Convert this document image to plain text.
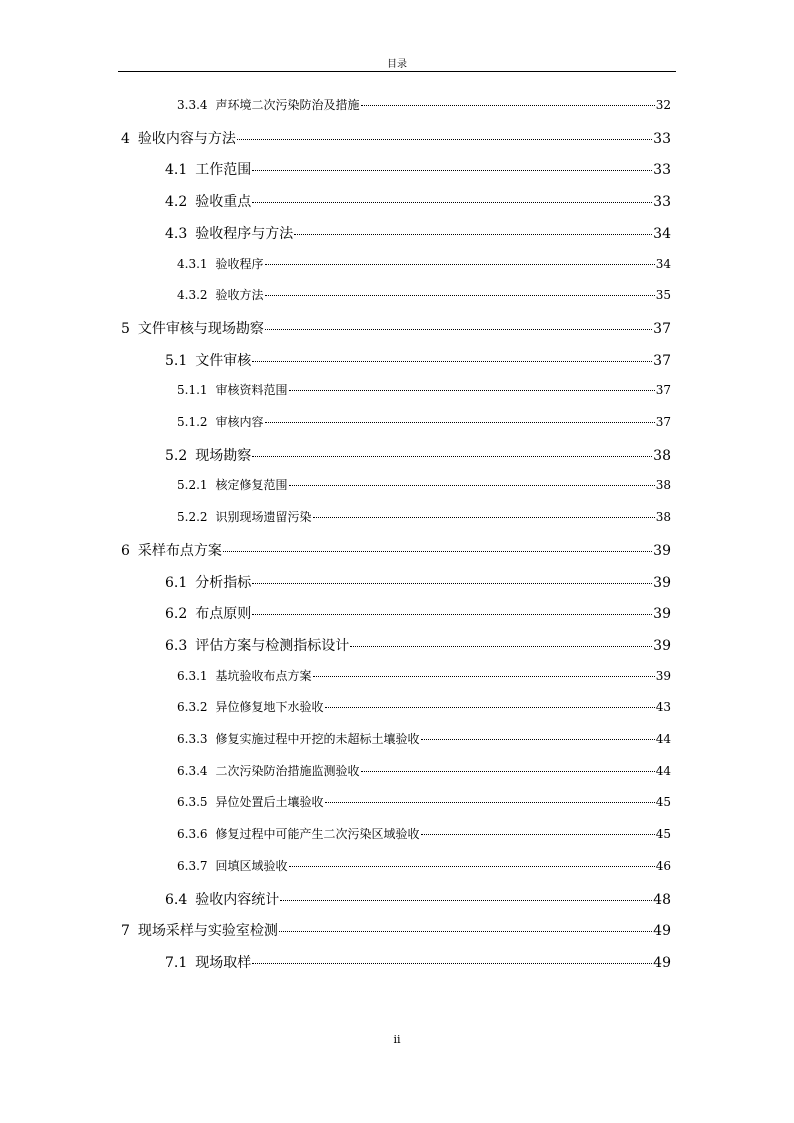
目录
3.3.4 声环境二次污染防治及措施	32
4 验收内容与方法	33
4.1 工作范围	33
4.2 验收重点	33
4.3 验收程序与方法	34
4.3.1 验收程序	34
4.3.2 验收方法	35
5 文件审核与现场勘察	37
5.1 文件审核	37
5.1.1 审核资料范围	37
5.1.2 审核内容	37
5.2 现场勘察	38
5.2.1 核定修复范围	38
5.2.2 识别现场遗留污染	38
6 采样布点方案	39
6.1 分析指标	39
6.2 布点原则	39
6.3 评估方案与检测指标设计	39
6.3.1 基坑验收布点方案	39
6.3.2 异位修复地下水验收	43
6.3.3 修复实施过程中开挖的未超标土壤验收	44
6.3.4 二次污染防治措施监测验收	44
6.3.5 异位处置后土壤验收	45
6.3.6 修复过程中可能产生二次污染区域验收	45
6.3.7 回填区域验收	46
6.4 验收内容统计	48
7 现场采样与实验室检测	49
7.1 现场取样	49
ii
